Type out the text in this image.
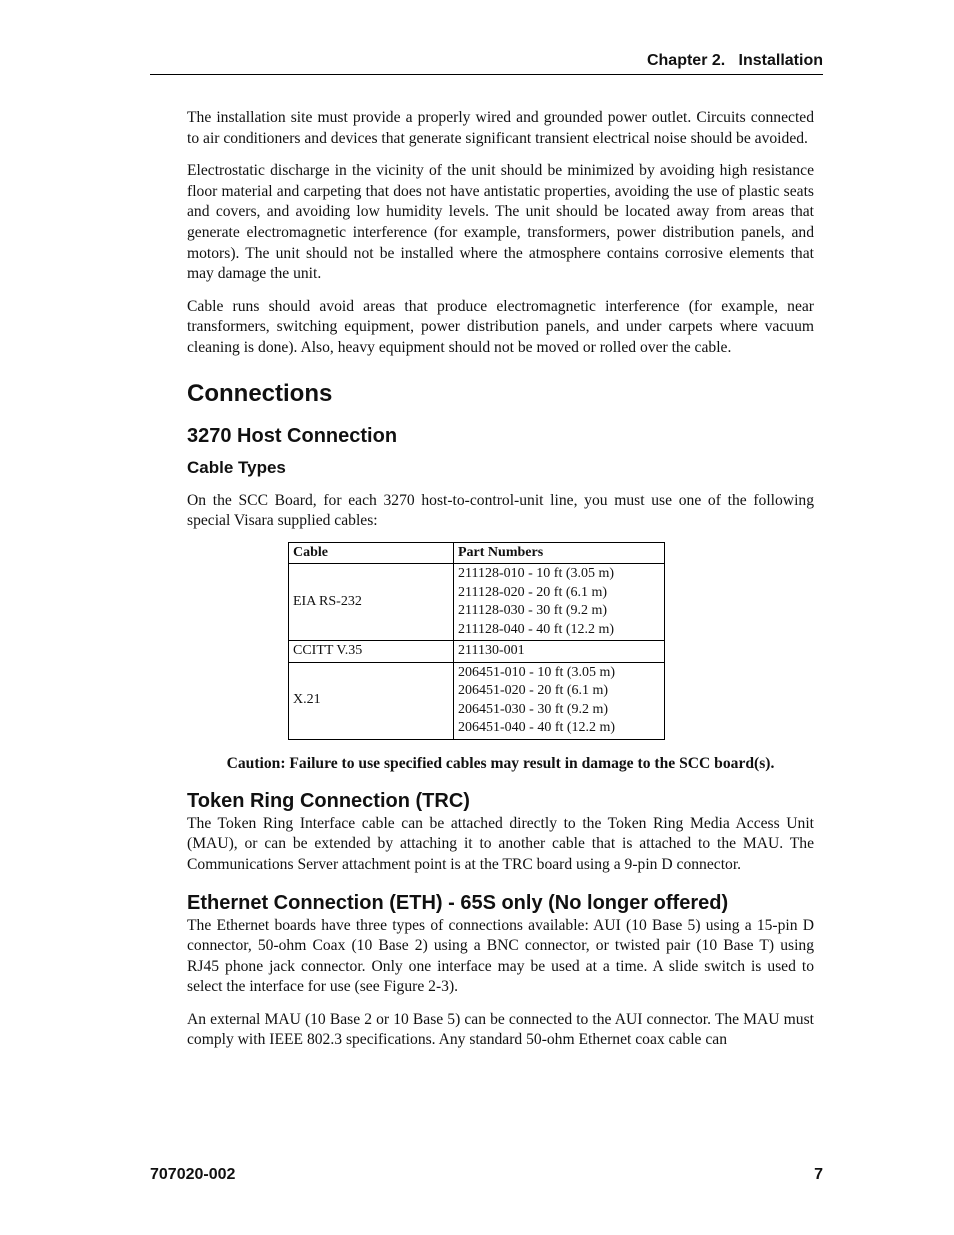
Chapter 2.   Installation

The installation site must provide a properly wired and grounded power outlet. Circuits connected to air conditioners and devices that generate significant transient electrical noise should be avoided.

Electrostatic discharge in the vicinity of the unit should be minimized by avoiding high resistance floor material and carpeting that does not have antistatic properties, avoiding the use of plastic seats and covers, and avoiding low humidity levels. The unit should be located away from areas that generate electromagnetic interference (for example, transformers, power distribution panels, and motors). The unit should not be installed where the atmosphere contains corrosive elements that may damage the unit.

Cable runs should avoid areas that produce electromagnetic interference (for example, near transformers, switching equipment, power distribution panels, and under carpets where vacuum cleaning is done). Also, heavy equipment should not be moved or rolled over the cable.

Connections
3270 Host Connection
Cable Types

On the SCC Board, for each 3270 host-to-control-unit line, you must use one of the following special Visara supplied cables:

Cable	Part Numbers
EIA RS-232	211128-010 - 10 ft (3.05 m)
211128-020 - 20 ft (6.1 m)
211128-030 - 30 ft (9.2 m)
211128-040 - 40 ft (12.2 m)

CCITT V.35	211130-001

X.21	206451-010 - 10 ft (3.05 m)
206451-020 - 20 ft (6.1 m)
206451-030 - 30 ft (9.2 m)
206451-040 - 40 ft (12.2 m)

Caution: Failure to use specified cables may result in damage to the SCC board(s).

Token Ring Connection (TRC)

The Token Ring Interface cable can be attached directly to the Token Ring Media Access Unit (MAU), or can be extended by attaching it to another cable that is attached to the MAU. The Communications Server attachment point is at the TRC board using a 9-pin D connector.

Ethernet Connection (ETH) - 65S only (No longer offered)

The Ethernet boards have three types of connections available: AUI (10 Base 5) using a 15-pin D connector, 50-ohm Coax (10 Base 2) using a BNC connector, or twisted pair (10 Base T) using RJ45 phone jack connector. Only one interface may be used at a time. A slide switch is used to select the interface for use (see Figure 2-3).

An external MAU (10 Base 2 or 10 Base 5) can be connected to the AUI connector. The MAU must comply with IEEE 802.3 specifications. Any standard 50-ohm Ethernet coax cable can

707020-002	7
